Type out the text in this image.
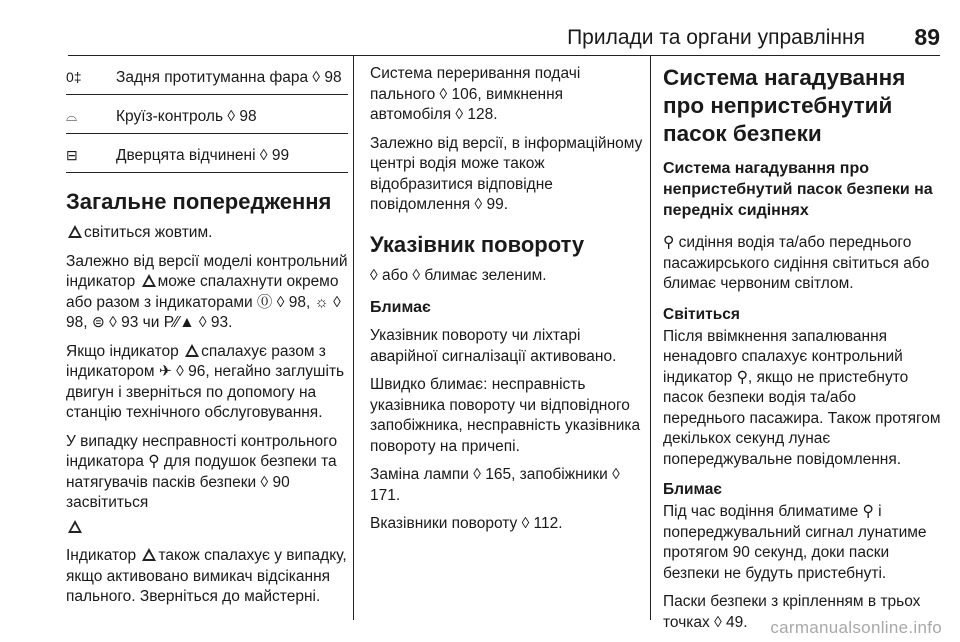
Прилади та органи управління 89
0‡	Задня протитуманна фара ◊ 98
⌓	Круїз-контроль ◊ 98
⊟	Дверцята відчинені ◊ 99
Загальне попередження

світиться жовтим.

Залежно від версії моделі контрольний індикатор може спалахнути окремо або разом з індикаторами ⓪ ◊ 98, ☼ ◊ 98, ⊜ ◊ 93 чи P⁄⁄▲ ◊ 93.

Якщо індикатор спалахує разом з індикатором ✈ ◊ 96, негайно заглушіть двигун і зверніться по допомогу на станцію технічного обслуговування.

У випадку несправності контрольного індикатора ⚲ для подушок безпеки та натягувачів пасків безпеки ◊ 90 засвітиться

Індикатор також спалахує у випадку, якщо активовано вимикач відсікання пального. Зверніться до майстерні.

Система переривання подачі пального ◊ 106, вимкнення автомобіля ◊ 128.

Залежно від версії, в інформаційному центрі водія може також відобразитися відповідне повідомлення ◊ 99.

Указівник повороту

◊ або ◊ блимає зеленим.

Блимає

Указівник повороту чи ліхтарі аварійної сигналізації активовано.

Швидко блимає: несправність указівника повороту чи відповідного запобіжника, несправність указівника повороту на причепі.

Заміна лампи ◊ 165, запобіжники ◊ 171.

Вказівники повороту ◊ 112.

Система нагадування про непристебнутий пасок безпеки
Система нагадування про непристебнутий пасок безпеки на передніх сидіннях

⚲ сидіння водія та/або переднього пасажирського сидіння світиться або блимає червоним світлом.

Світиться

Після ввімкнення запалювання ненадовго спалахує контрольний індикатор ⚲, якщо не пристебнуто пасок безпеки водія та/або переднього пасажира. Також протягом декількох секунд лунає попереджувальне повідомлення.

Блимає

Під час водіння блиматиме ⚲ і попереджувальний сигнал лунатиме протягом 90 секунд, доки паски безпеки не будуть пристебнуті.

Паски безпеки з кріпленням в трьох точках ◊ 49.	carmanualsonline.info
